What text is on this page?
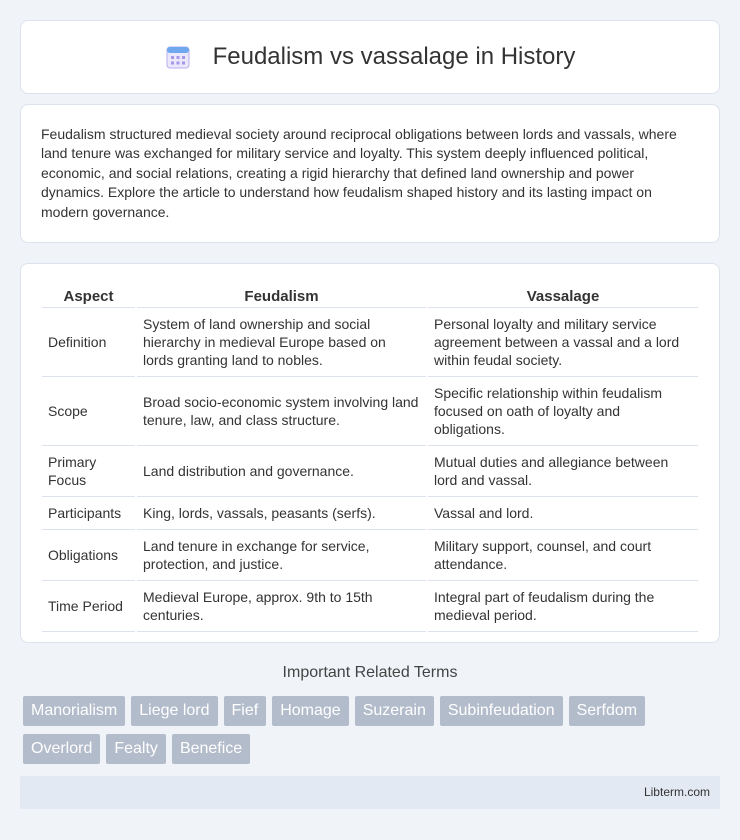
Feudalism vs vassalage in History

Feudalism structured medieval society around reciprocal obligations between lords and vassals, where land tenure was exchanged for military service and loyalty. This system deeply influenced political, economic, and social relations, creating a rigid hierarchy that defined land ownership and power dynamics. Explore the article to understand how feudalism shaped history and its lasting impact on modern governance.

Aspect	Feudalism	Vassalage
Definition	System of land ownership and social hierarchy in medieval Europe based on lords granting land to nobles.	Personal loyalty and military service agreement between a vassal and a lord within feudal society.
Scope	Broad socio-economic system involving land tenure, law, and class structure.	Specific relationship within feudalism focused on oath of loyalty and obligations.
Primary Focus	Land distribution and governance.	Mutual duties and allegiance between lord and vassal.
Participants	King, lords, vassals, peasants (serfs).	Vassal and lord.
Obligations	Land tenure in exchange for service, protection, and justice.	Military support, counsel, and court attendance.
Time Period	Medieval Europe, approx. 9th to 15th centuries.	Integral part of feudalism during the medieval period.
Important Related Terms
Manorialism	Liege lord	Fief	Homage	Suzerain	Subinfeudation	Serfdom
Overlord	Fealty	Benefice
Libterm.com
